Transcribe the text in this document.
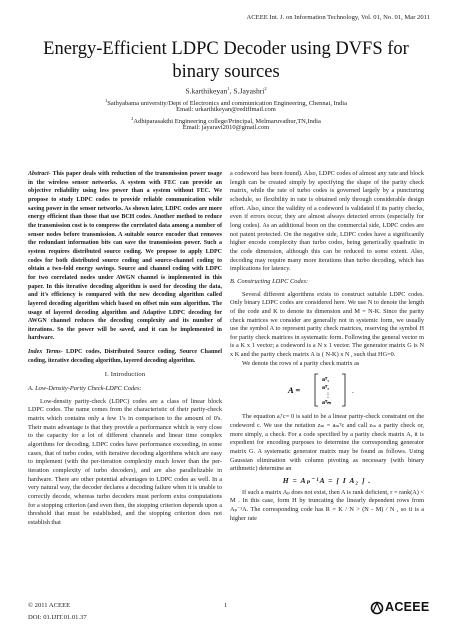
ACEEE Int. J. on Information Technology, Vol. 01, No. 01, Mar 2011
Energy-Efficient LDPC Decoder using DVFS for
binary sources
S.karthikeyan$^1$, S.Jayashri$^2$
$^1$Sathyabama university/Dept of Electronics and communication Engineering, Chennai, India
Email: urkarthikeyan@rediffmail.com
$^2$Adhiparasakthi Engineering college/Principal, Melmaruvathur,TN,India
Email: jayaravi2010@gmail.com

Abstract- This paper deals with reduction of the transmission power usage in the wireless sensor networks. A system with FEC can provide an objective reliability using less power than a system without FEC. We propose to study LDPC codes to provide reliable communication while saving power in the sensor networks. As shown later, LDPC codes are more energy efficient than those that use BCH codes. Another method to reduce the transmission cost is to compress the correlated data among a number of sensor nodes before transmission. A suitable source encoder that removes the redundant information bits can save the transmission power. Such a system requires distributed source coding. We propose to apply LDPC codes for both distributed source coding and source-channel coding to obtain a two-fold energy savings. Source and channel coding with LDPC for two correlated nodes under AWGN channel is implemented in this paper. In this iterative decoding algorithm is used for decoding the data, and it's efficiency is compared with the new decoding algorithm called layered decoding algorithm which based on offset min sum algorithm. The usage of layered decoding algorithm and Adaptive LDPC decoding for AWGN channel reduces the decoding complexity and its number of iterations. So the power will be saved, and it can be implemented in hardware.

Index Terms- LDPC codes, Distributed Source coding, Source Channel coding, iterative decoding algorithm, layered decoding algorithm.

I. Introduction

A. Low-Density-Parity Check-LDPC Codes:

Low-density parity-check (LDPC) codes are a class of linear block LDPC codes. The name comes from the characteristic of their parity-check matrix which contains only a few 1's in comparison to the amount of 0's. Their main advantage is that they provide a performance which is very close to the capacity for a lot of different channels and linear time complex algorithms for decoding. LDPC codes have performance exceeding, in some cases, that of turbo codes, with iterative decoding algorithms which are easy to implement (with the per-iteration complexity much lower than the per-iteration complexity of turbo decoders), and are also parallelizable in hardware. There are other potential advantages to LDPC codes as well. In a very natural way, the decoder declares a decoding failure when it is unable to correctly decode, whereas turbo decoders must perform extra computations for a stopping criterion (and even then, the stopping criterion depends upon a threshold that must be established, and the stopping criterion does not establish that

a codeword has been found). Also, LDPC codes of almost any rate and block length can be created simply by specifying the shape of the parity check matrix, while the rate of turbo codes is governed largely by a puncturing schedule, so flexibility in rate is obtained only through considerable design effort. Also, since the validity of a codeword is validated if its parity checks, even if errors occur, they are almost always detected errors (especially for long codes). As an additional boon on the commercial side, LDPC codes are not patent protected. On the negative side, LDPC codes have a significantly higher encode complexity than turbo codes, being generically quadratic in the code dimension, although this can be reduced to some extent. Also, decoding may require many more iterations than turbo decoding, which has implications for latency.

B. Constructing LDPC Codes:

Several different algorithms exists to construct suitable LDPC codes. Only binary LDPC codes are considered here. We use N to denote the length of the code and K to denote its dimension and M = N-K. Since the parity check matrices we consider are generally not in systemic form, we usually use the symbol A to represent parity check matrices, reserving the symbol H for parity check matrices in systematic form. Following the general vector m is a K x 1 vector; a codeword is a N x 1 vector. The generator matrix G is N x K and the parity check matrix A is ( N-K) x N , such that HG=0.

We denote the rows of a parity check matrix as

A =
aᵀ₁
aᵀ₂
⋮
aᵀₘ
.

The equation aᵢᵀc= 0 is said to be a linear parity-check constraint on the codeword c. We use the notation zₘ = aₘᵀc and call zₘ a parity check or, more simply, a check. For a code specified by a parity check matrix A, it is expedient for encoding purposes to determine the corresponding generator matrix G. A systematic generator matrix may be found as follows. Using Gaussian elimination with column pivoting as necessary (with binary arithmetic) determine an

H = Aₚ⁻¹A = [ I A₂ ] .

If such a matrix Aₚ does not exist, then A is rank deficient, r = rank(A) < M . In this case, form H by truncating the linearly dependent rows from Aₚ⁻¹A. The corresponding code has R = K / N > (N - M) / N , so it is a higher rate

© 2011 ACEEE
DOI: 01.IJIT.01.01.37
1	ACEEE
